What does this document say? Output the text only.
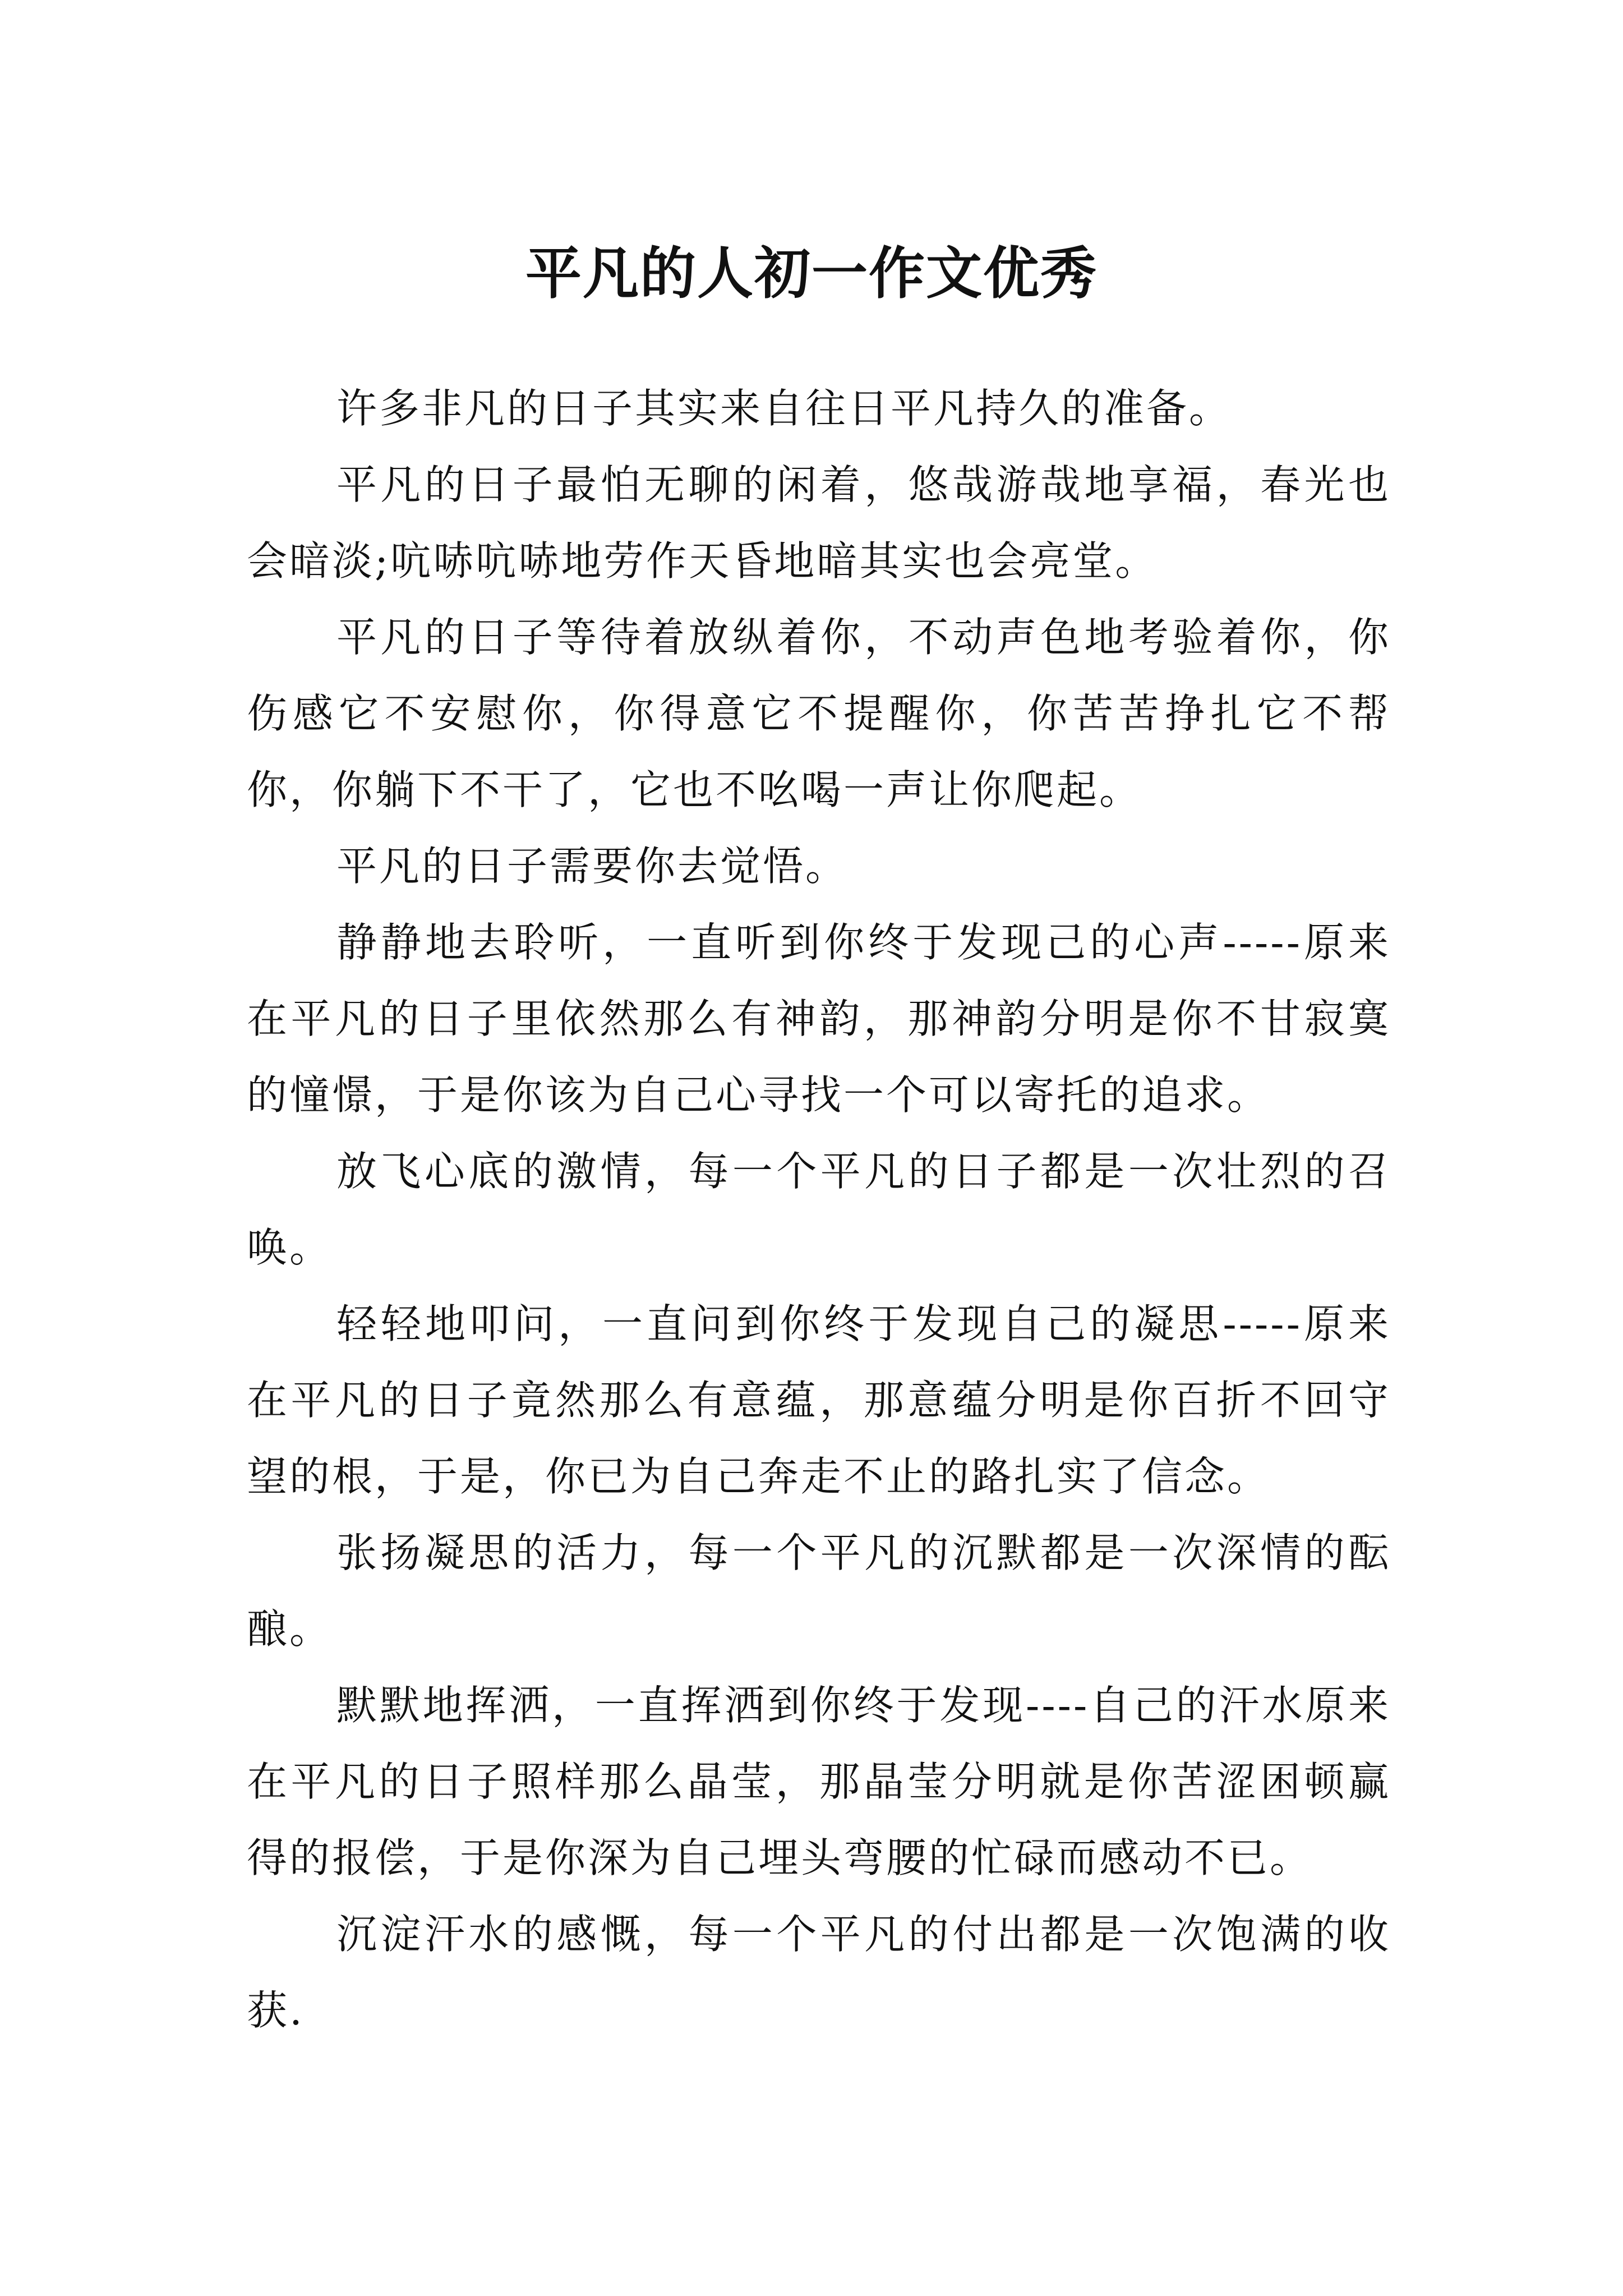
平凡的人初一作文优秀

许多非凡的日子其实来自往日平凡持久的准备。

平凡的日子最怕无聊的闲着，悠哉游哉地享福，春光也会暗淡;吭哧吭哧地劳作天昏地暗其实也会亮堂。

平凡的日子等待着放纵着你，不动声色地考验着你，你伤感它不安慰你，你得意它不提醒你，你苦苦挣扎它不帮你，你躺下不干了，它也不吆喝一声让你爬起。

平凡的日子需要你去觉悟。

静静地去聆听，一直听到你终于发现己的心声-----原来在平凡的日子里依然那么有神韵，那神韵分明是你不甘寂寞的憧憬，于是你该为自己心寻找一个可以寄托的追求。

放飞心底的激情，每一个平凡的日子都是一次壮烈的召唤。

轻轻地叩问，一直问到你终于发现自己的凝思-----原来在平凡的日子竟然那么有意蕴，那意蕴分明是你百折不回守望的根，于是，你已为自己奔走不止的路扎实了信念。

张扬凝思的活力，每一个平凡的沉默都是一次深情的酝酿。

默默地挥洒，一直挥洒到你终于发现----自己的汗水原来在平凡的日子照样那么晶莹，那晶莹分明就是你苦涩困顿赢得的报偿，于是你深为自己埋头弯腰的忙碌而感动不已。

沉淀汗水的感慨，每一个平凡的付出都是一次饱满的收获.
